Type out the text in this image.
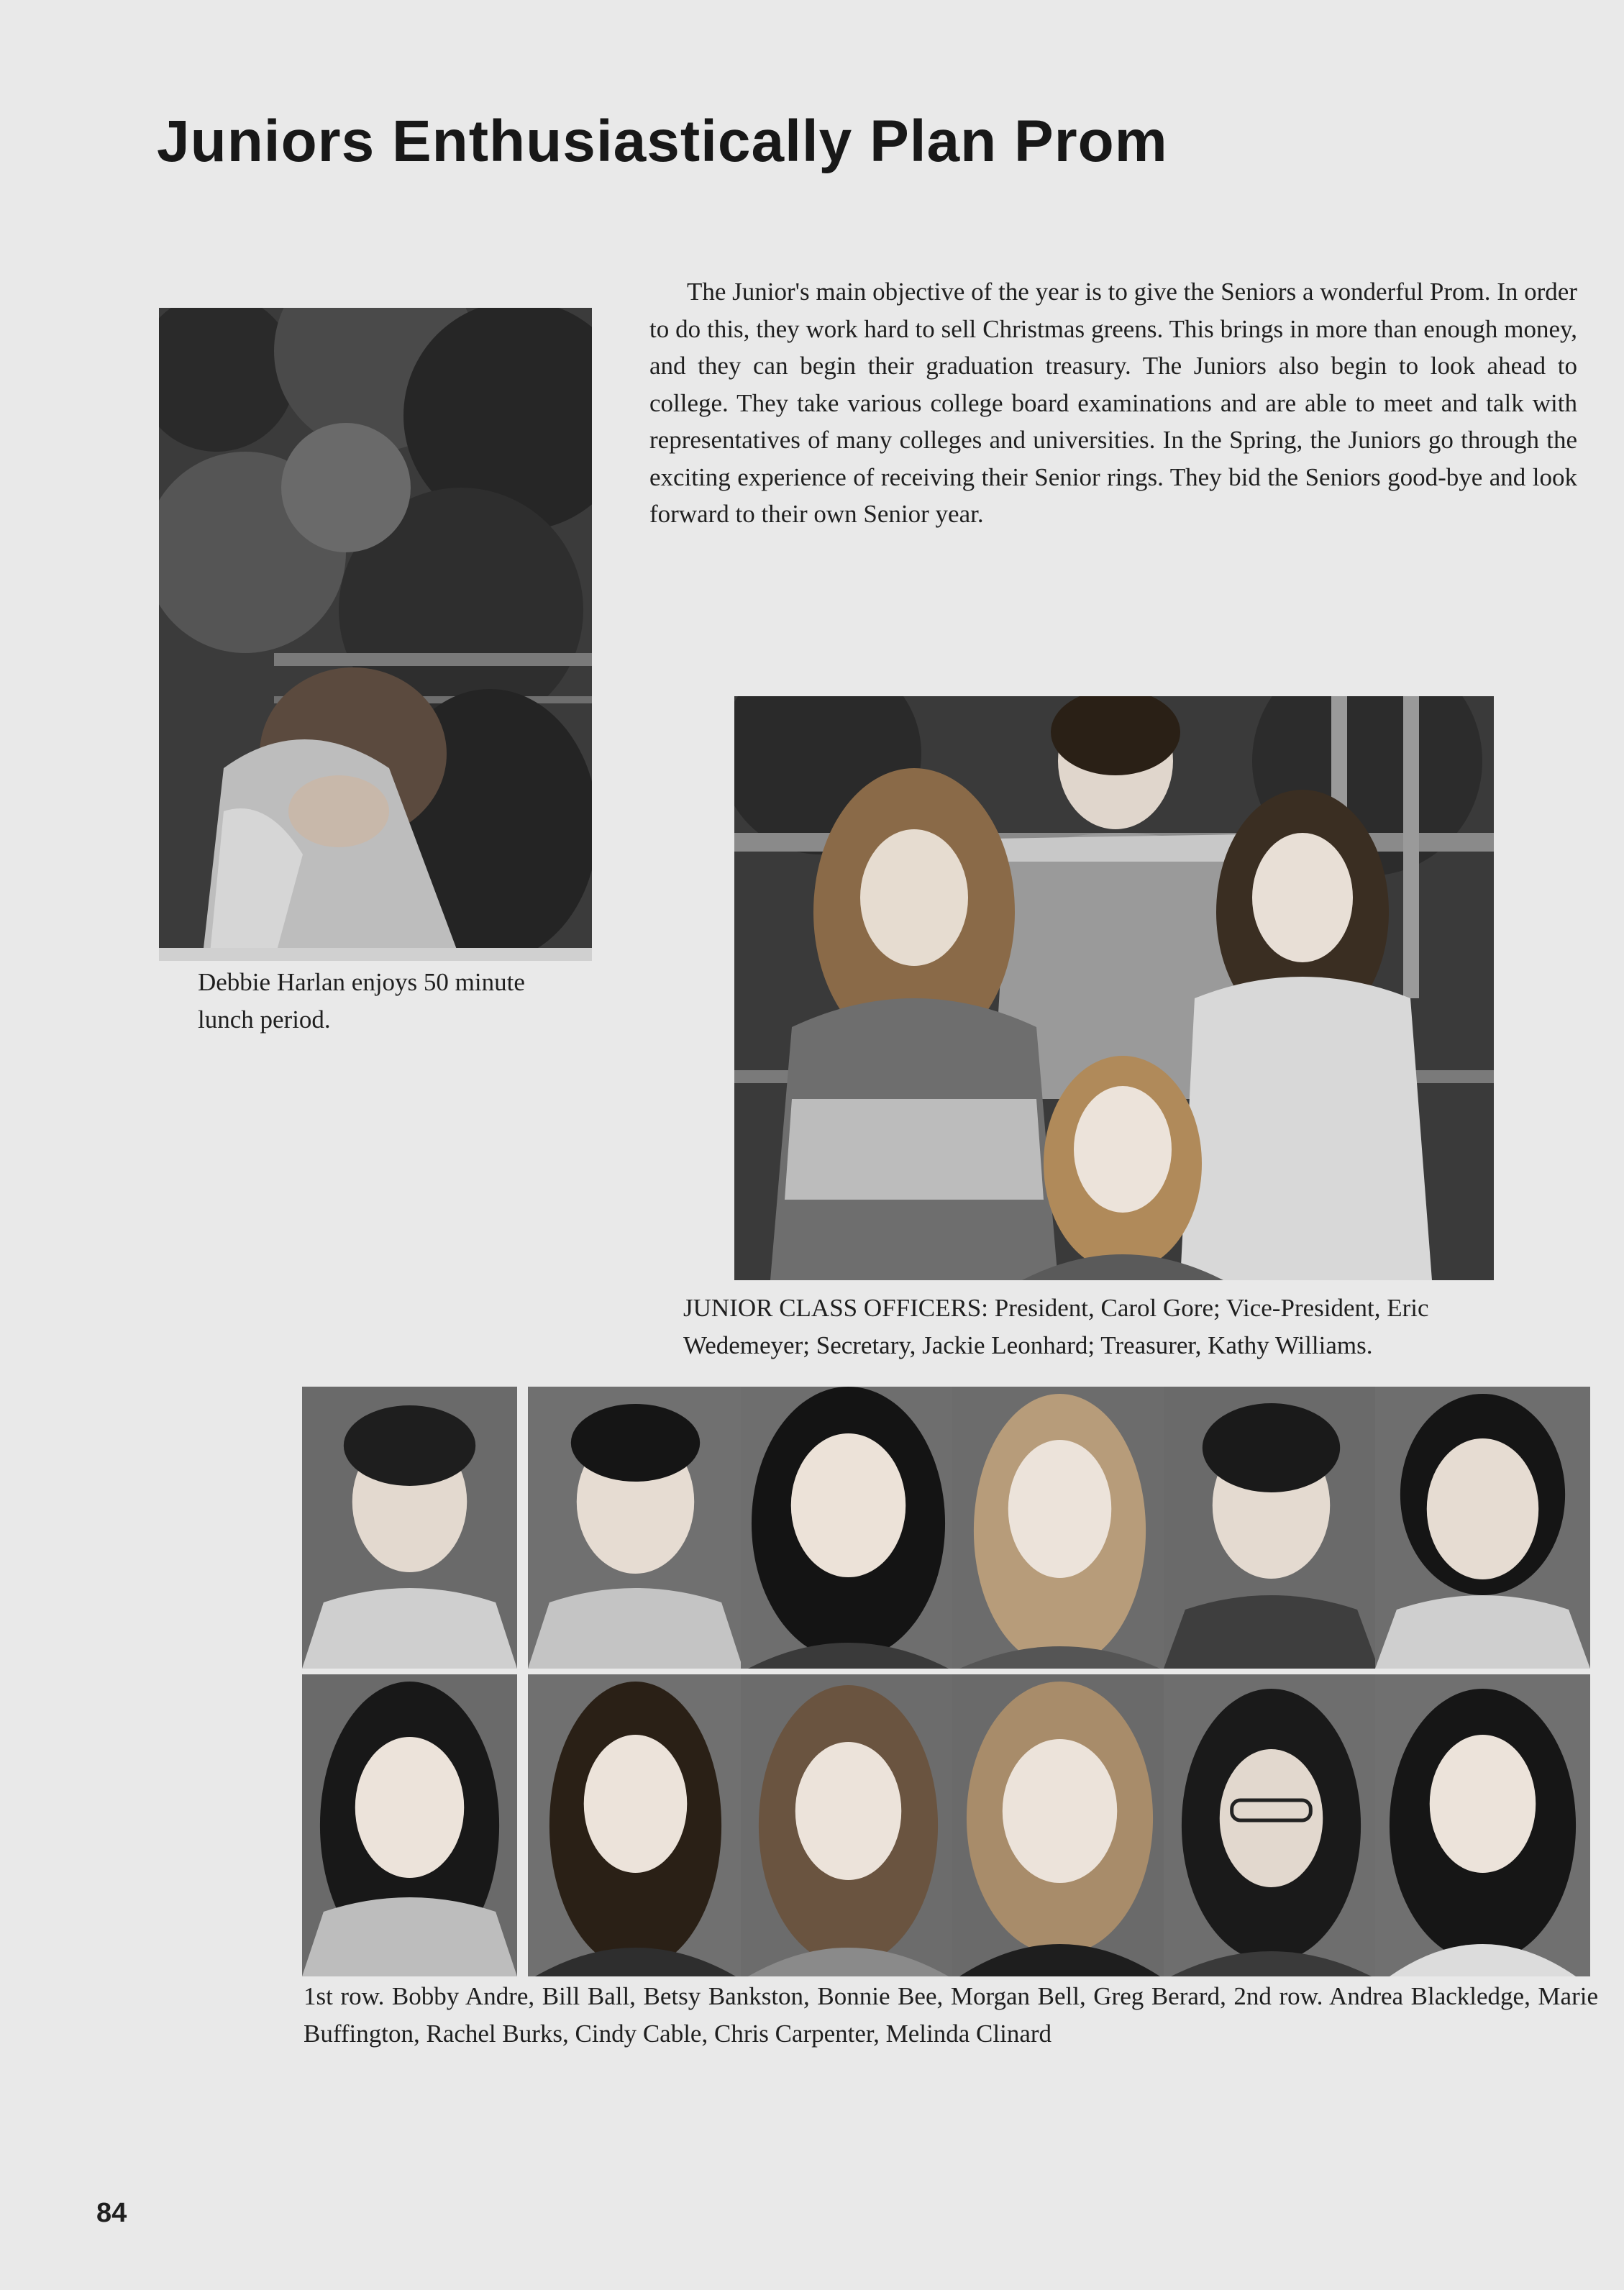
Juniors Enthusiastically Plan Prom

The Junior's main objective of the year is to give the Seniors a wonderful Prom. In order to do this, they work hard to sell Christmas greens. This brings in more than enough money, and they can begin their graduation treasury. The Juniors also begin to look ahead to college. They take various college board examinations and are able to meet and talk with representatives of many colleges and universities. In the Spring, the Juniors go through the exciting experience of receiving their Senior rings. They bid the Seniors good-bye and look forward to their own Senior year.

Debbie Harlan enjoys 50 minute lunch period.
JUNIOR CLASS OFFICERS: President, Carol Gore; Vice-President, Eric Wedemeyer; Secretary, Jackie Leonhard; Treasurer, Kathy Williams.
1st row. Bobby Andre, Bill Ball, Betsy Bankston, Bonnie Bee, Morgan Bell, Greg Berard, 2nd row. Andrea Blackledge, Marie Buffington, Rachel Burks, Cindy Cable, Chris Carpenter, Melinda Clinard
84
